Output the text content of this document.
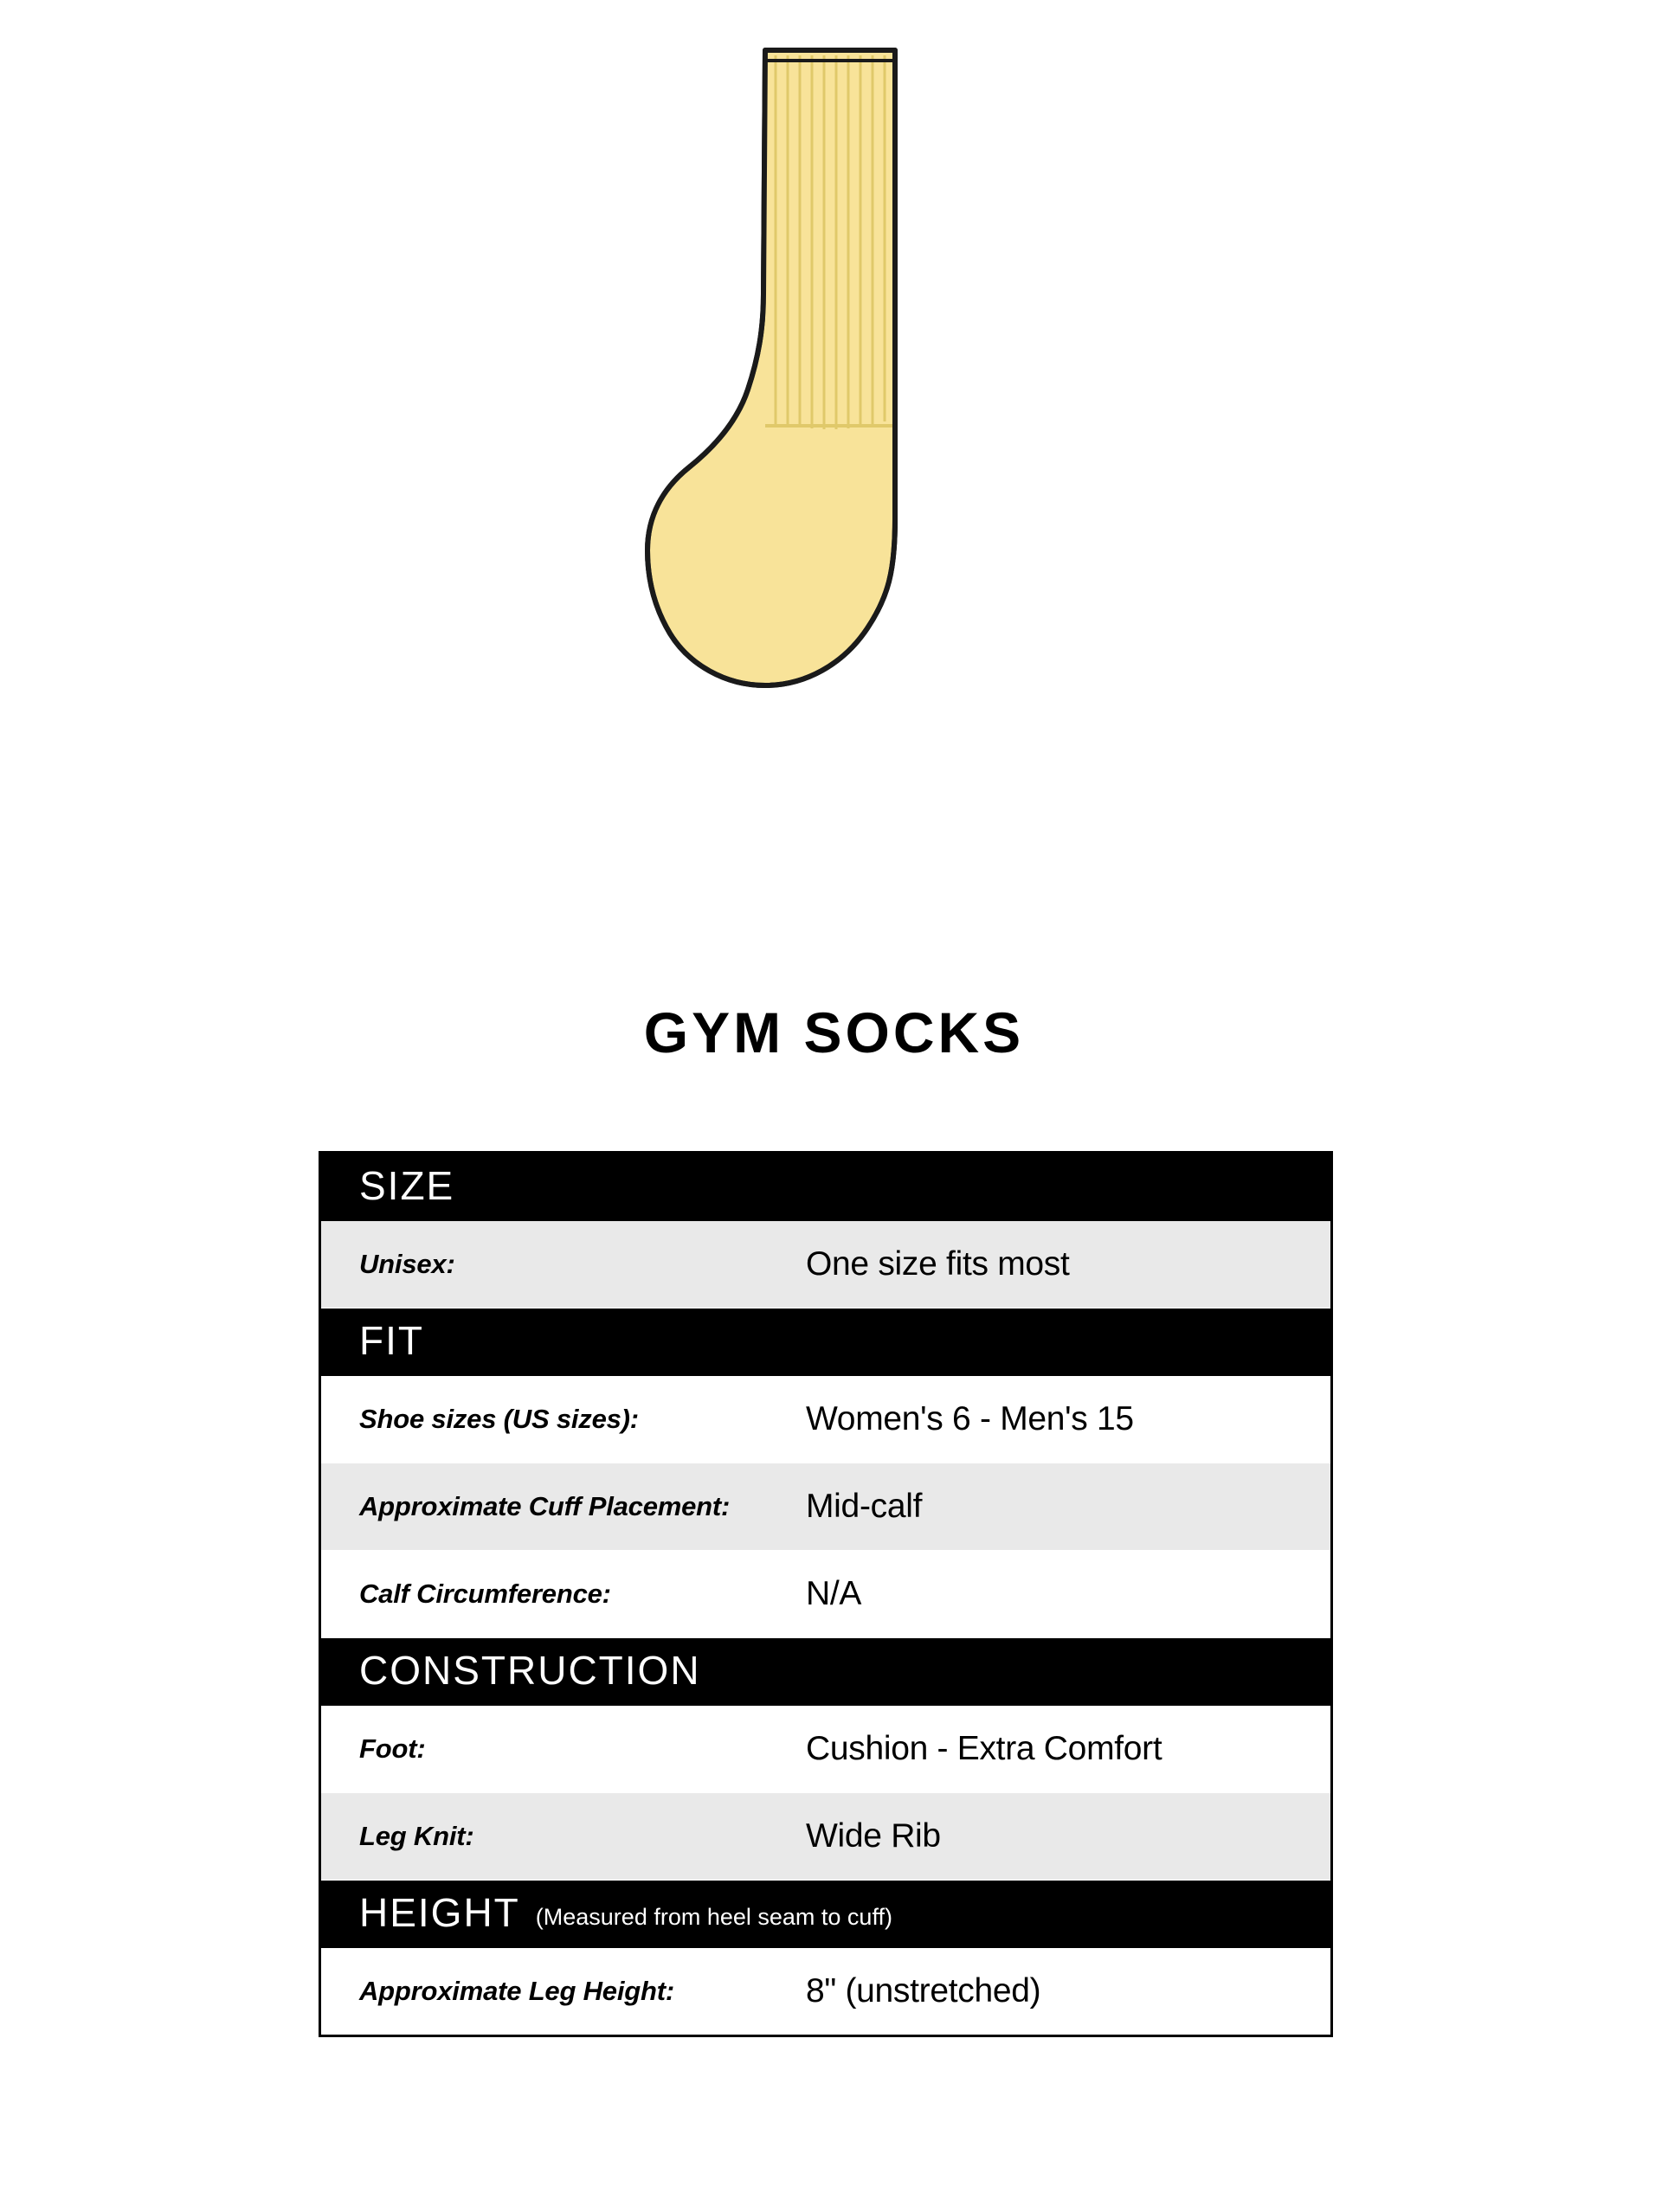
GYM SOCKS
SIZE
Unisex:	One size fits most
FIT
Shoe sizes (US sizes):	Women's 6 - Men's 15
Approximate Cuff Placement:	Mid-calf
Calf Circumference:	N/A
CONSTRUCTION
Foot:	Cushion - Extra Comfort
Leg Knit:	Wide Rib
HEIGHT (Measured from heel seam to cuff)
Approximate Leg Height:	8" (unstretched)
